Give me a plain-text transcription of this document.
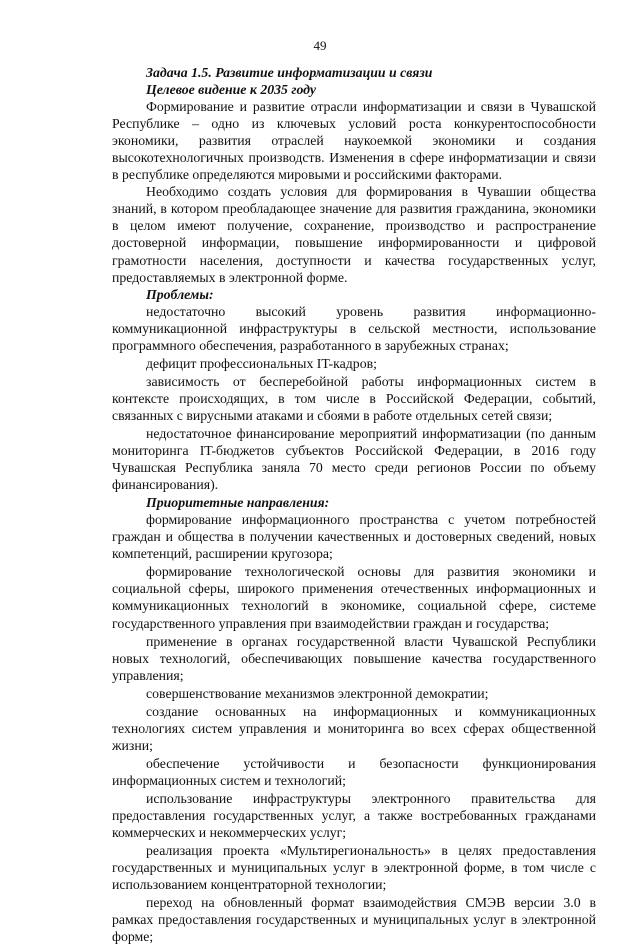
49

Задача 1.5. Развитие информатизации и связи

Целевое видение к 2035 году

Формирование и развитие отрасли информатизации и связи в Чувашской Республике – одно из ключевых условий роста конкурентоспособности экономики, развития отраслей наукоемкой экономики и создания высокотехнологичных производств. Изменения в сфере информатизации и связи в республике определяются мировыми и российскими факторами.

Необходимо создать условия для формирования в Чувашии общества знаний, в котором преобладающее значение для развития гражданина, экономики в целом имеют получение, сохранение, производство и распространение достоверной информации, повышение информированности и цифровой грамотности населения, доступности и качества государственных услуг, предоставляемых в электронной форме.

Проблемы:

недостаточно высокий уровень развития информационно-коммуникационной инфраструктуры в сельской местности, использование программного обеспечения, разработанного в зарубежных странах;

дефицит профессиональных IT-кадров;

зависимость от бесперебойной работы информационных систем в контексте происходящих, в том числе в Российской Федерации, событий, связанных с вирусными атаками и сбоями в работе отдельных сетей связи;

недостаточное финансирование мероприятий информатизации (по данным мониторинга IT-бюджетов субъектов Российской Федерации, в 2016 году Чувашская Республика заняла 70 место среди регионов России по объему финансирования).

Приоритетные направления:

формирование информационного пространства с учетом потребностей граждан и общества в получении качественных и достоверных сведений, новых компетенций, расширении кругозора;

формирование технологической основы для развития экономики и социальной сферы, широкого применения отечественных информационных и коммуникационных технологий в экономике, социальной сфере, системе государственного управления при взаимодействии граждан и государства;

применение в органах государственной власти Чувашской Республики новых технологий, обеспечивающих повышение качества государственного управления;

совершенствование механизмов электронной демократии;

создание основанных на информационных и коммуникационных технологиях систем управления и мониторинга во всех сферах общественной жизни;

обеспечение устойчивости и безопасности функционирования информационных систем и технологий;

использование инфраструктуры электронного правительства для предоставления государственных услуг, а также востребованных гражданами коммерческих и некоммерческих услуг;

реализация проекта «Мультирегиональность» в целях предоставления государственных и муниципальных услуг в электронной форме, в том числе с использованием концентраторной технологии;

переход на обновленный формат взаимодействия СМЭВ версии 3.0 в рамках предоставления государственных и муниципальных услуг в электронной форме;
